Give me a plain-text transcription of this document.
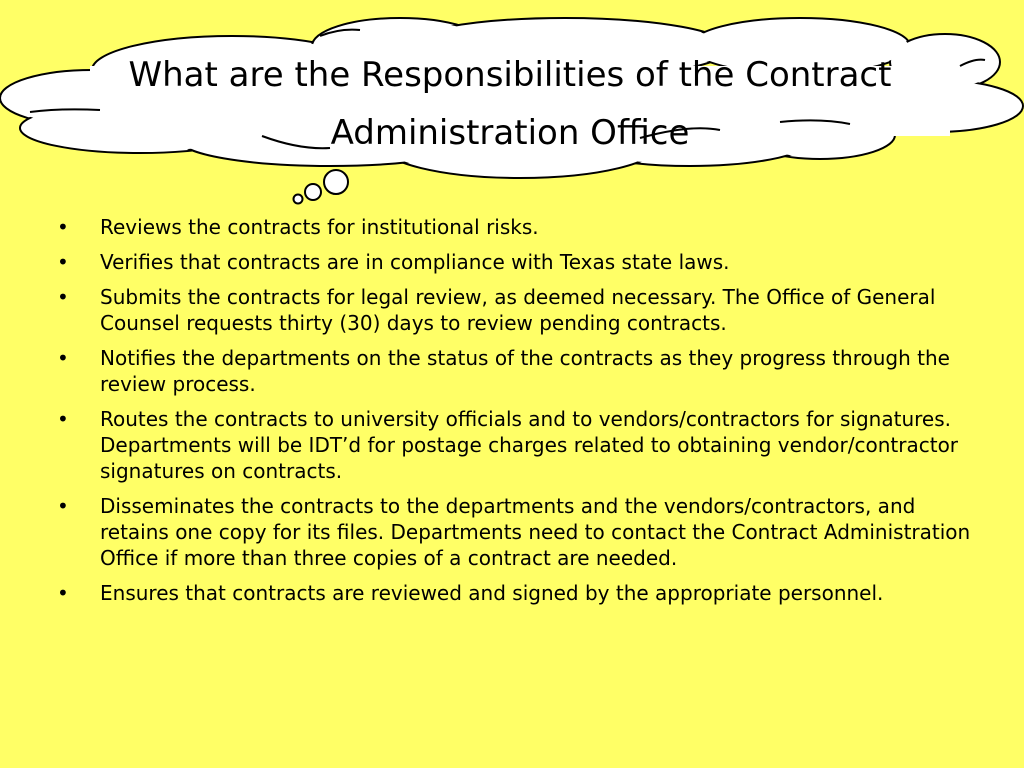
What are the Responsibilities of the Contract Administration Office
• Reviews the contracts for institutional risks.
• Verifies that contracts are in compliance with Texas state laws.
• Submits the contracts for legal review, as deemed necessary. The Office of General Counsel requests thirty (30) days to review pending contracts.
• Notifies the departments on the status of the contracts as they progress through the review process.
• Routes the contracts to university officials and to vendors/contractors for signatures. Departments will be IDT’d for postage charges related to obtaining vendor/contractor signatures on contracts.
• Disseminates the contracts to the departments and the vendors/contractors, and retains one copy for its files. Departments need to contact the Contract Administration Office if more than three copies of a contract are needed.
• Ensures that contracts are reviewed and signed by the appropriate personnel.
